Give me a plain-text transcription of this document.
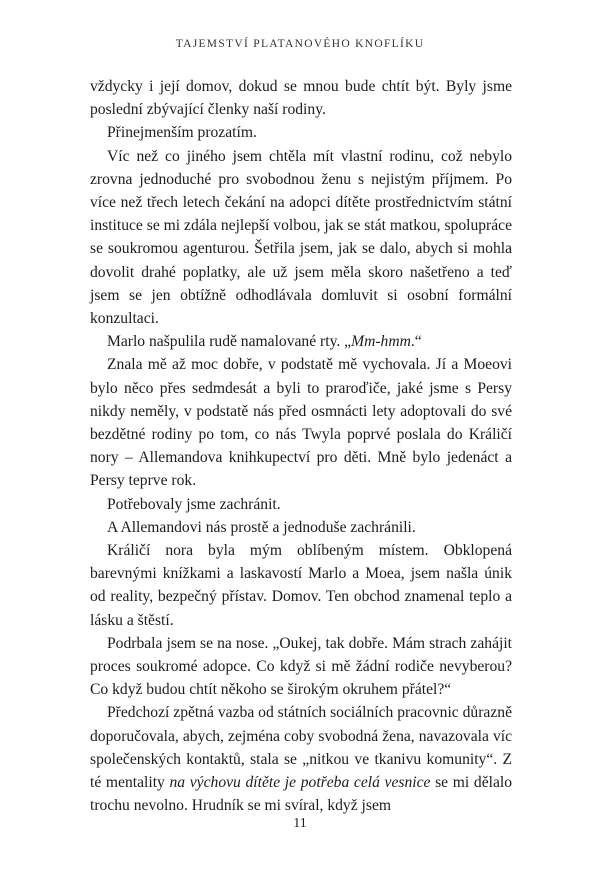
TAJEMSTVÍ PLATANOVÉHO KNOFLÍKU

vždycky i její domov, dokud se mnou bude chtít být. Byly jsme poslední zbývající členky naší rodiny.

Přinejmenším prozatím.

Víc než co jiného jsem chtěla mít vlastní rodinu, což nebylo zrovna jednoduché pro svobodnou ženu s nejistým příjmem. Po více než třech letech čekání na adopci dítěte prostřednictvím státní instituce se mi zdála nejlepší volbou, jak se stát matkou, spolupráce se soukromou agenturou. Šetřila jsem, jak se dalo, abych si mohla dovolit drahé poplatky, ale už jsem měla skoro našetřeno a teď jsem se jen obtížně odhodlávala domluvit si osobní formální konzultaci.

Marlo našpulila rudě namalované rty. „Mm-hmm.“

Znala mě až moc dobře, v podstatě mě vychovala. Jí a Moeovi bylo něco přes sedmdesát a byli to praroďiče, jaké jsme s Persy nikdy neměly, v podstatě nás před osmnácti lety adoptovali do své bezdětné rodiny po tom, co nás Twyla poprvé poslala do Králičí nory – Allemandova knihkupectví pro děti. Mně bylo jedenáct a Persy teprve rok.

Potřebovaly jsme zachránit.

A Allemandovi nás prostě a jednoduše zachránili.

Králičí nora byla mým oblíbeným místem. Obklopená barevnými knížkami a laskavostí Marlo a Moea, jsem našla únik od reality, bezpečný přístav. Domov. Ten obchod znamenal teplo a lásku a štěstí.

Podrbala jsem se na nose. „Oukej, tak dobře. Mám strach zahájit proces soukromé adopce. Co když si mě žádní rodiče nevyberou? Co když budou chtít někoho se širokým okruhem přátel?“

Předchozí zpětná vazba od státních sociálních pracovnic důrazně doporučovala, abych, zejména coby svobodná žena, navazovala víc společenských kontaktů, stala se „nitkou ve tkanivu komunity“. Z té mentality na výchovu dítěte je potřeba celá vesnice se mi dělalo trochu nevolno. Hrudník se mi svíral, když jsem

11
